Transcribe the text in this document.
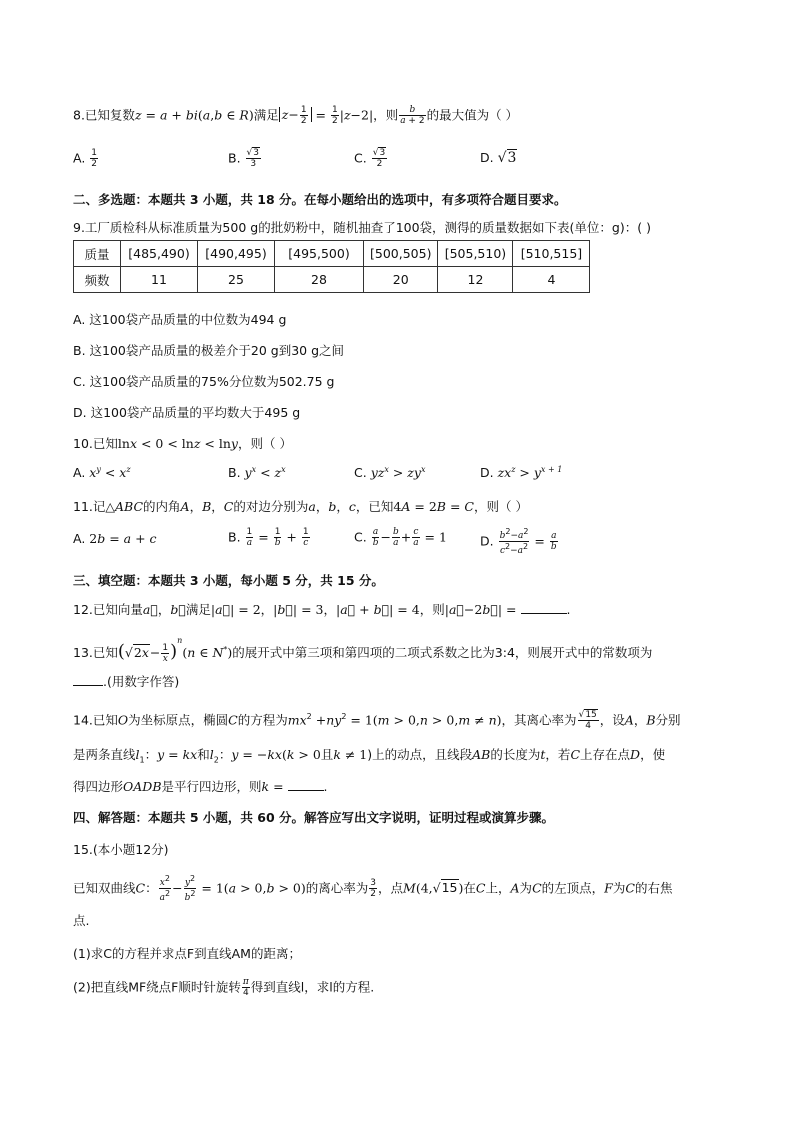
8.已知复数z = a + bi(a,b ∈ R)满足 $z- \frac{1}{2} = \frac{1}{2} |z-2|$，则 $\frac{b}{a + 2}$ 的最大值为（ ）
A. $\frac{1}{2}$	B. $\frac{√3}{3}$	C. $\frac{√3}{2}$	D. √3
二、多选题：本题共 3 小题，共 18 分。在每小题给出的选项中，有多项符合题目要求。
9.工厂质检科从标准质量为500 g的批奶粉中，随机抽查了100袋，测得的质量数据如下表(单位：g)：( )
质量	[485,490)	[490,495)	[495,500)	[500,505)	[505,510)	[510,515]
频数	11	25	28	20	12	4
A. 这100袋产品质量的中位数为494 g
B. 这100袋产品质量的极差介于20 g到30 g之间
C. 这100袋产品质量的75%分位数为502.75 g
D. 这100袋产品质量的平均数大于495 g
10.已知lnx < 0 < lnz < lny，则（ ）
A. $x^y < x^z$	B. $y^x < z^x$	C. $yz^x > zy^x$	D. $zx^z > y^{x + 1}$
11.记△ABC的内角A，B，C的对边分别为a，b，c，已知4A = 2B = C，则（ ）
A. 2b = a + c	B. $\frac{1}{a} = \frac{1}{b} + \frac{1}{c}$	C. $\frac{a}{b} - \frac{b}{a} + \frac{c}{a} = 1$	D. $\frac{b^2-a^2}{c^2-a^2} = \frac{a}{b}$
三、填空题：本题共 3 小题，每小题 5 分，共 15 分。
12.已知向量a⃗，b⃗满足|a⃗| = 2，|b⃗| = 3，|a⃗ + b⃗| = 4，则|a⃗−2b⃗| =	.
13.已知$(√2x- \frac{1}{x} )^n(n$ ∈ N*)的展开式中第三项和第四项的二项式系数之比为3:4，则展开式中的常数项为
.(用数字作答)
14.已知O为坐标原点，椭圆C的方程为$mx^2 +ny^2 = 1(m > 0,n > 0,m \ne n)$，其离心率为 $\frac{√15}{4}$ ，设A，B分别
是两条直线$l_1$：y = kx和$l_2$：y = −kx(k > 0且k ≠ 1)上的动点，且线段AB的长度为t，若C上存在点D，使
得四边形OADB是平行四边形，则k =	.
四、解答题：本题共 5 小题，共 60 分。解答应写出文字说明，证明过程或演算步骤。
15.(本小题12分)
已知双曲线C： $\frac{x^2}{a^2} - \frac{y^2}{b^2} = 1(a > 0,b > 0)$的离心率为 $\frac{3}{2}$ ，点M(4,√15)在C上，A为C的左顶点，F为C的右焦
点.
(1)求C的方程并求点F到直线AM的距离；
(2)把直线MF绕点F顺时针旋转 $\frac{\pi}{4}$ 得到直线l，求l的方程.
